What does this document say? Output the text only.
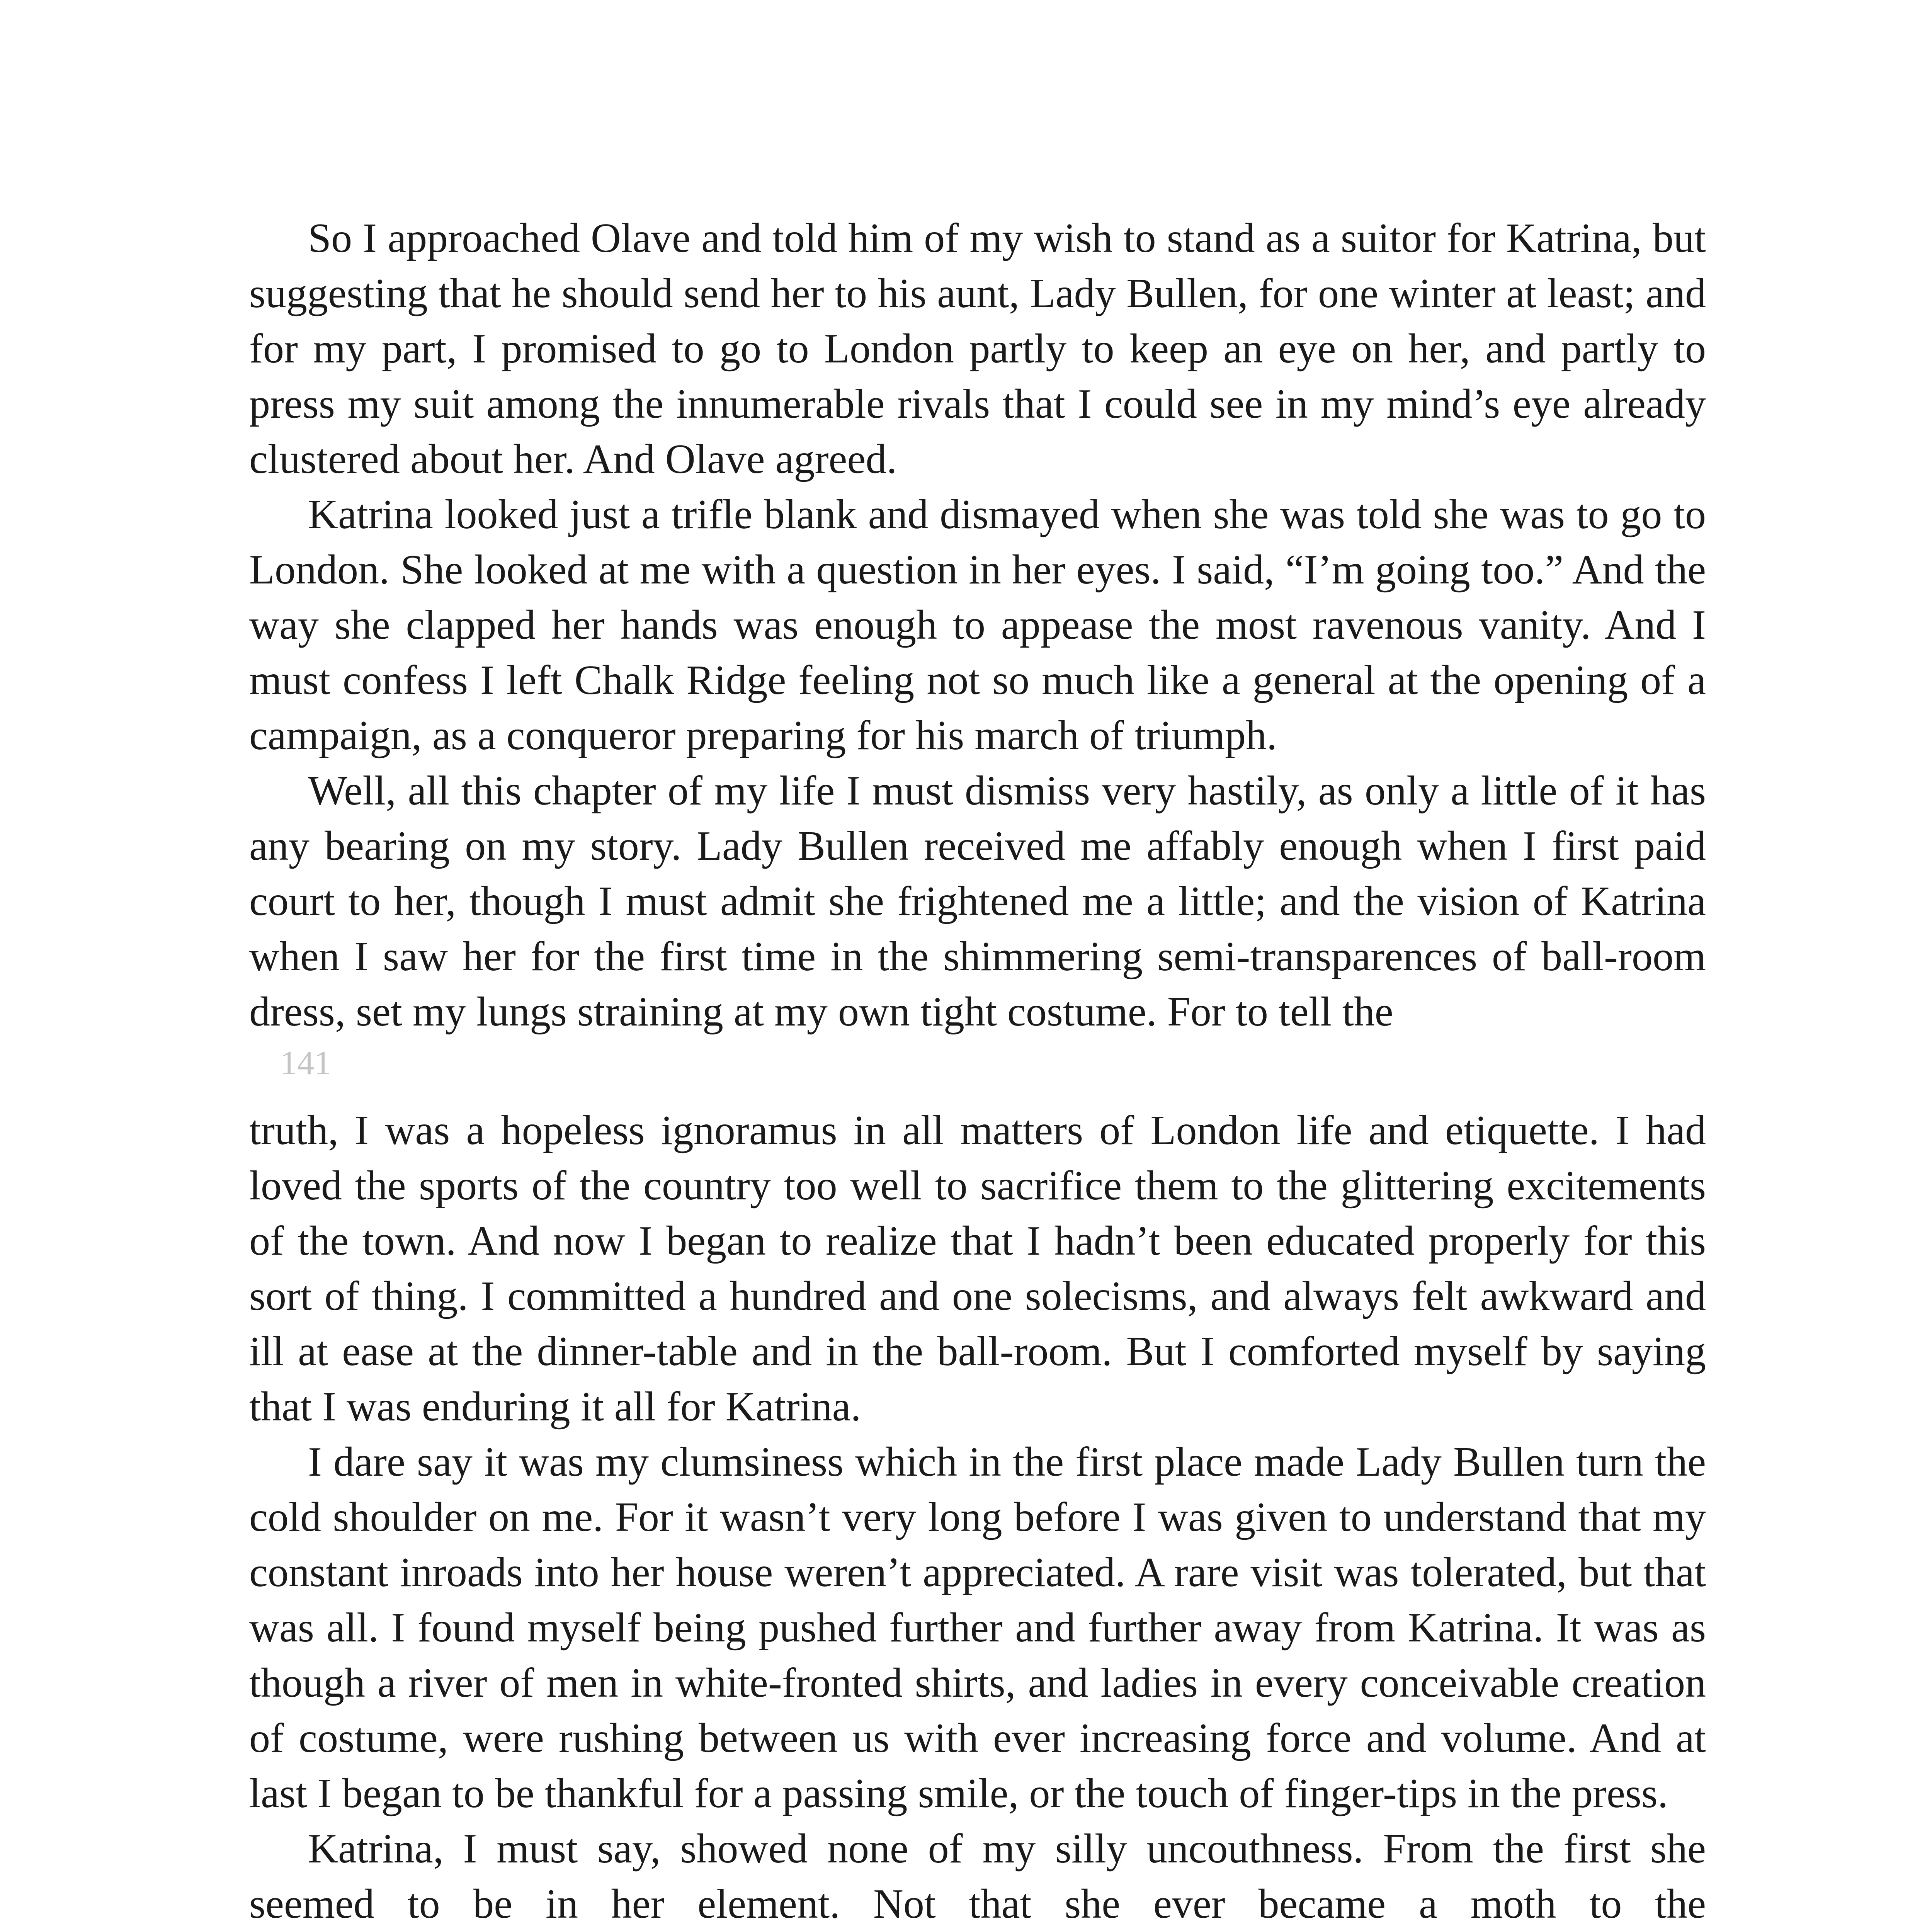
So I approached Olave and told him of my wish to stand as a suitor for Katrina, but suggesting that he should send her to his aunt, Lady Bullen, for one winter at least; and for my part, I promised to go to London partly to keep an eye on her, and partly to press my suit among the innumerable rivals that I could see in my mind’s eye already clustered about her. And Olave agreed.

Katrina looked just a trifle blank and dismayed when she was told she was to go to London. She looked at me with a question in her eyes. I said, “I’m going too.” And the way she clapped her hands was enough to appease the most ravenous vanity. And I must confess I left Chalk Ridge feeling not so much like a general at the opening of a campaign, as a conqueror preparing for his march of triumph.

Well, all this chapter of my life I must dismiss very hastily, as only a little of it has any bearing on my story. Lady Bullen received me affably enough when I first paid court to her, though I must admit she frightened me a little; and the vision of Katrina when I saw her for the first time in the shimmering semi-transparences of ball-room dress, set my lungs straining at my own tight costume. For to tell the

141

truth, I was a hopeless ignoramus in all matters of London life and etiquette. I had loved the sports of the country too well to sacrifice them to the glittering excitements of the town. And now I began to realize that I hadn’t been educated properly for this sort of thing. I committed a hundred and one solecisms, and always felt awkward and ill at ease at the dinner-table and in the ball-room. But I comforted myself by saying that I was enduring it all for Katrina.

I dare say it was my clumsiness which in the first place made Lady Bullen turn the cold shoulder on me. For it wasn’t very long before I was given to understand that my constant inroads into her house weren’t appreciated. A rare visit was tolerated, but that was all. I found myself being pushed further and further away from Katrina. It was as though a river of men in white-fronted shirts, and ladies in every conceivable creation of costume, were rushing between us with ever increasing force and volume. And at last I began to be thankful for a passing smile, or the touch of finger-tips in the press.

Katrina, I must say, showed none of my silly uncouthness. From the first she seemed to be in her element. Not that she ever became a moth to the
